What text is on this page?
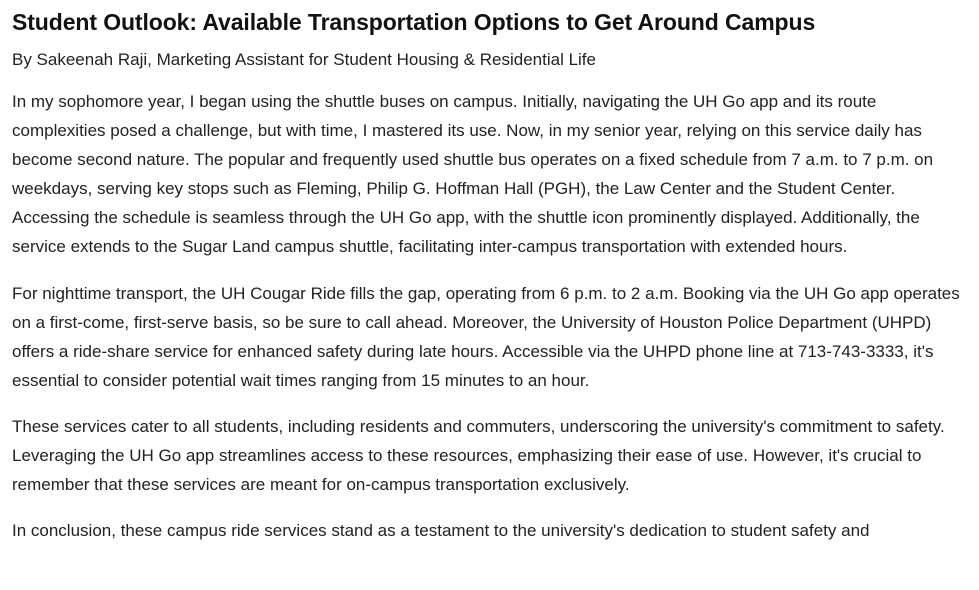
Student Outlook: Available Transportation Options to Get Around Campus

By Sakeenah Raji, Marketing Assistant for Student Housing & Residential Life

In my sophomore year, I began using the shuttle buses on campus. Initially, navigating the UH Go app and its route complexities posed a challenge, but with time, I mastered its use. Now, in my senior year, relying on this service daily has become second nature. The popular and frequently used shuttle bus operates on a fixed schedule from 7 a.m. to 7 p.m. on weekdays, serving key stops such as Fleming, Philip G. Hoffman Hall (PGH), the Law Center and the Student Center. Accessing the schedule is seamless through the UH Go app, with the shuttle icon prominently displayed. Additionally, the service extends to the Sugar Land campus shuttle, facilitating inter-campus transportation with extended hours.

For nighttime transport, the UH Cougar Ride fills the gap, operating from 6 p.m. to 2 a.m. Booking via the UH Go app operates on a first-come, first-serve basis, so be sure to call ahead. Moreover, the University of Houston Police Department (UHPD) offers a ride-share service for enhanced safety during late hours. Accessible via the UHPD phone line at 713-743-3333, it's essential to consider potential wait times ranging from 15 minutes to an hour.

These services cater to all students, including residents and commuters, underscoring the university's commitment to safety. Leveraging the UH Go app streamlines access to these resources, emphasizing their ease of use. However, it's crucial to remember that these services are meant for on-campus transportation exclusively.

In conclusion, these campus ride services stand as a testament to the university's dedication to student safety and
